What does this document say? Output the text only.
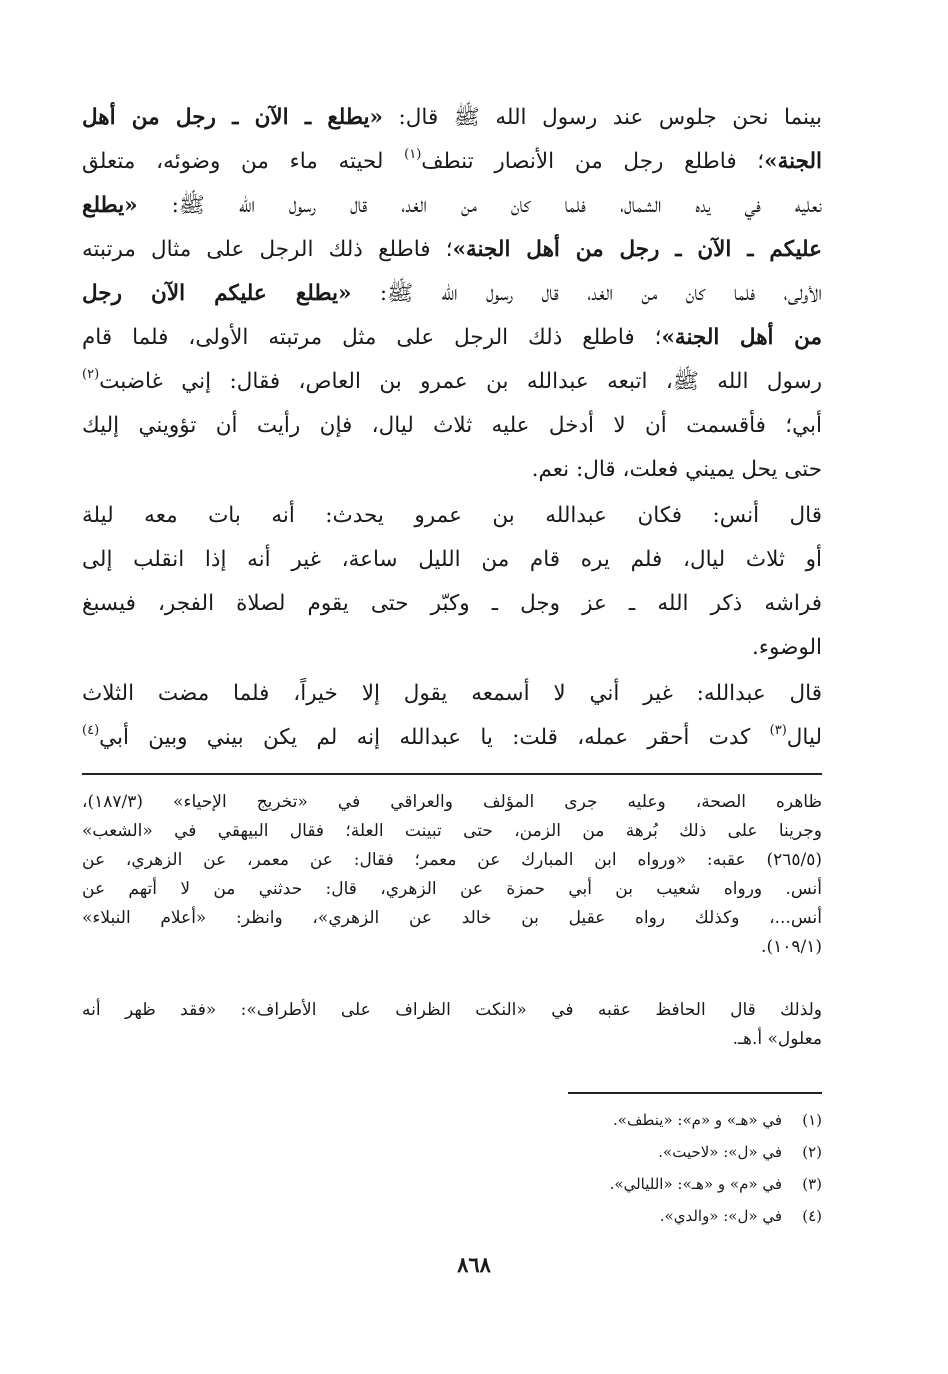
بينما نحن جلوس عند رسول الله ﷺ قال: «يطلع ـ الآن ـ رجل من أهل
الجنة»؛ فاطلع رجل من الأنصار تنطف$^{(١)}$ لحيته ماء من وضوئه، متعلق
نعليه في يده الشمال، فلما كان من الغد، قال رسول الله ﷺ: «يطلع
عليكم ـ الآن ـ رجل من أهل الجنة»؛ فاطلع ذلك الرجل على مثال مرتبته
الأولى، فلما كان من الغد، قال رسول الله ﷺ: «يطلع عليكم الآن رجل
من أهل الجنة»؛ فاطلع ذلك الرجل على مثل مرتبته الأولى، فلما قام
رسول الله ﷺ، اتبعه عبدالله بن عمرو بن العاص، فقال: إني غاضبت$^{(٢)}$
أبي؛ فأقسمت أن لا أدخل عليه ثلاث ليال، فإن رأيت أن تؤويني إليك
حتى يحل يميني فعلت، قال: نعم.
قال أنس: فكان عبدالله بن عمرو يحدث: أنه بات معه ليلة
أو ثلاث ليال، فلم يره قام من الليل ساعة، غير أنه إذا انقلب إلى
فراشه ذكر الله ـ عز وجل ـ وكبّر حتى يقوم لصلاة الفجر، فيسبغ
الوضوء.
قال عبدالله: غير أني لا أسمعه يقول إلا خيراً، فلما مضت الثلاث
ليال$^{(٣)}$ كدت أحقر عمله، قلت: يا عبدالله إنه لم يكن بيني وبين أبي$^{(٤)}$
ظاهره الصحة، وعليه جرى المؤلف والعراقي في «تخريج الإحياء» (١٨٧/٣)،
وجرينا على ذلك بُرهة من الزمن، حتى تبينت العلة؛ فقال البيهقي في «الشعب»
(٢٦٥/٥) عقبه: «ورواه ابن المبارك عن معمر؛ فقال: عن معمر، عن الزهري، عن
أنس. ورواه شعيب بن أبي حمزة عن الزهري، قال: حدثني من لا أتهم عن
أنس...، وكذلك رواه عقيل بن خالد عن الزهري»، وانظر: «أعلام النبلاء»
(١٠٩/١).
ولذلك قال الحافظ عقبه في «النكت الظراف على الأطراف»: «فقد ظهر أنه
معلول» أ.هـ.
(١)في «هـ» و «م»: «ينطف».
(٢)في «ل»: «لاحيت».
(٣)في «م» و «هـ»: «الليالي».
(٤)في «ل»: «والدي».
٨٦٨
